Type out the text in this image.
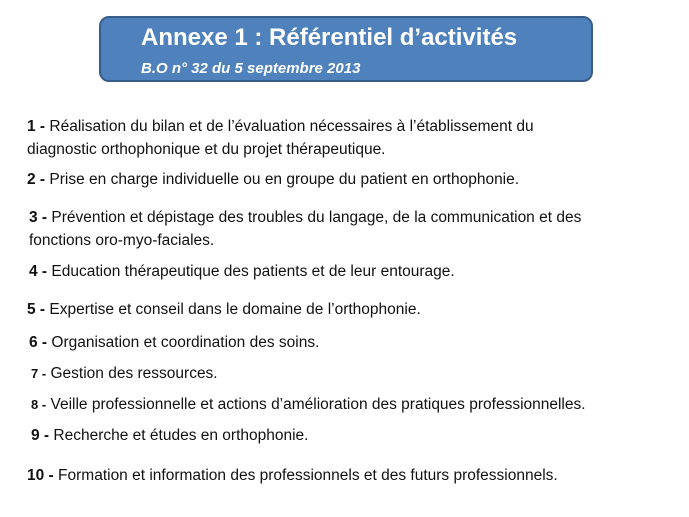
Annexe 1 : Référentiel d’activités
B.O n° 32 du 5 septembre 2013
1 - Réalisation du bilan et de l’évaluation nécessaires à l’établissement du
diagnostic orthophonique et du projet thérapeutique.
2 - Prise en charge individuelle ou en groupe du patient en orthophonie.
3 - Prévention et dépistage des troubles du langage, de la communication et des
fonctions oro-myo-faciales.
4 - Education thérapeutique des patients et de leur entourage.
5 - Expertise et conseil dans le domaine de l’orthophonie.
6 - Organisation et coordination des soins.
7 - Gestion des ressources.
8 - Veille professionnelle et actions d’amélioration des pratiques professionnelles.
9 - Recherche et études en orthophonie.
10 - Formation et information des professionnels et des futurs professionnels.
